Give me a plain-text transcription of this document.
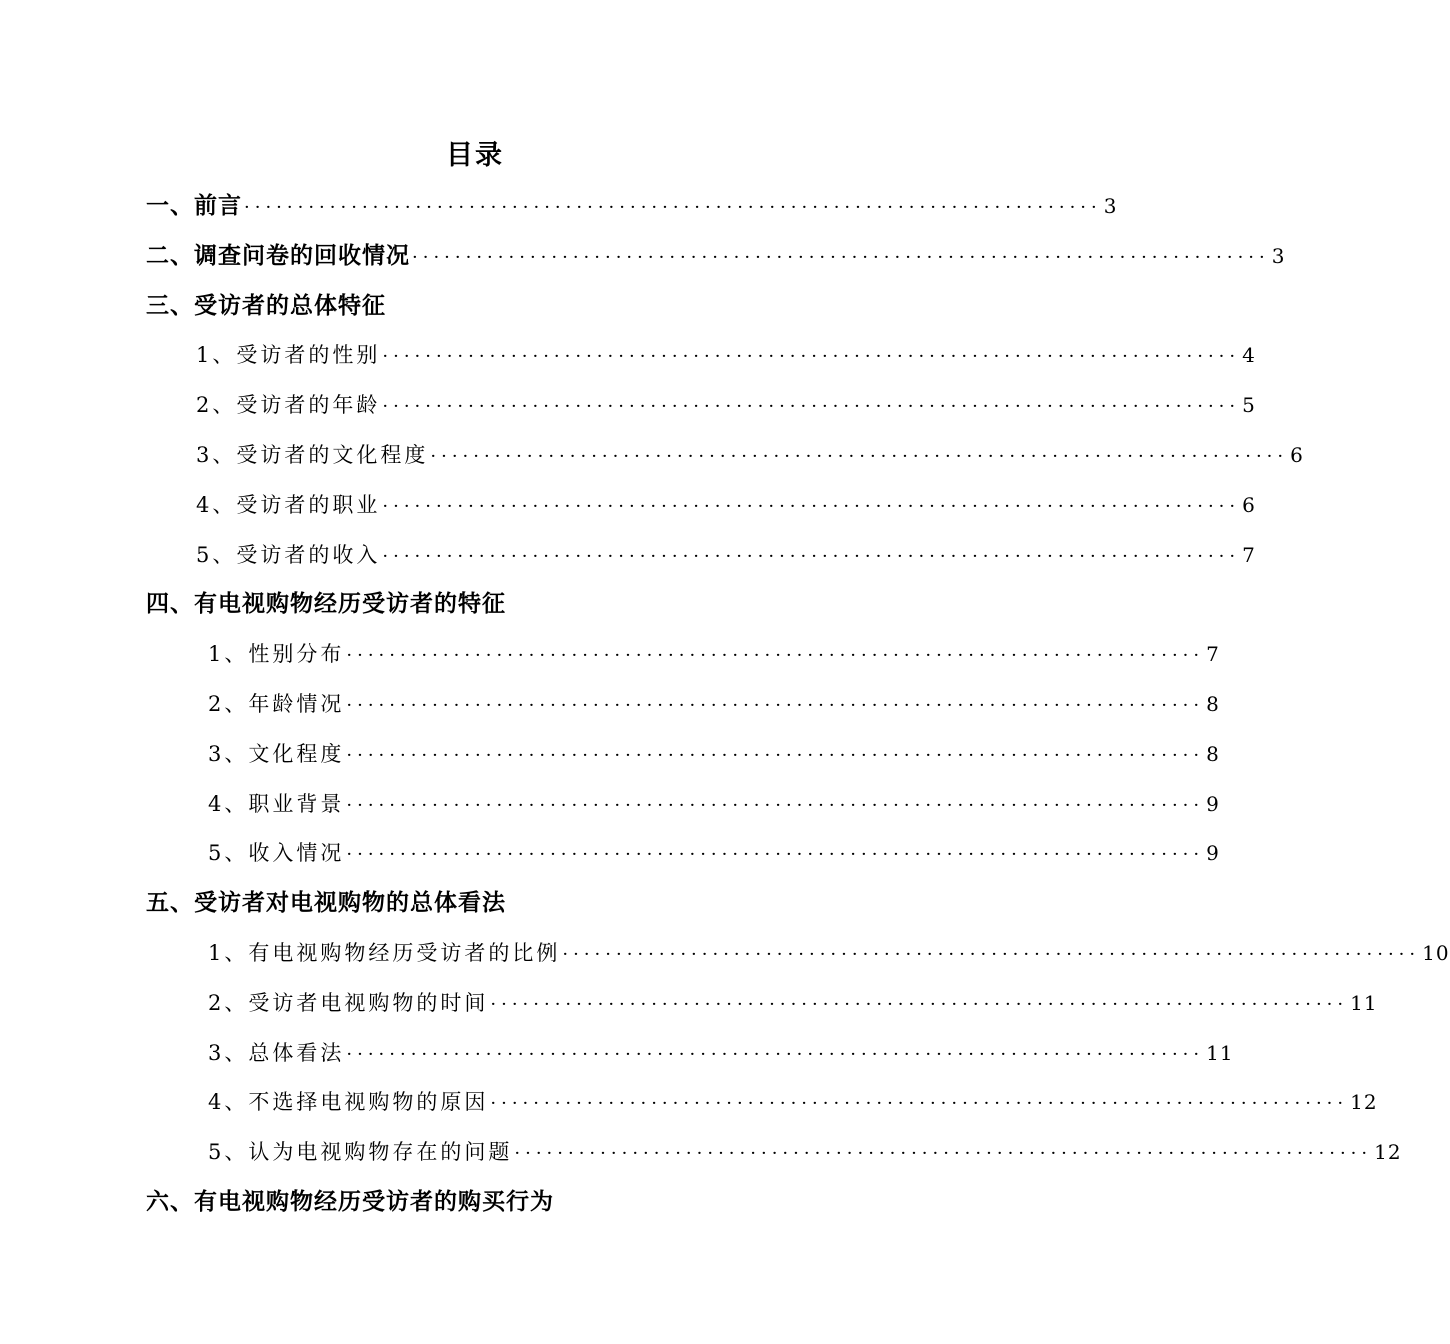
目录
一、前言 ················································································ 3
二、调查问卷的回收情况 ················································································ 3
三、受访者的总体特征
1、受访者的性别 ················································································ 4
2、受访者的年龄 ················································································ 5
3、受访者的文化程度 ················································································ 6
4、受访者的职业 ················································································ 6
5、受访者的收入 ················································································ 7
四、有电视购物经历受访者的特征
1、性别分布 ················································································ 7
2、年龄情况 ················································································ 8
3、文化程度 ················································································ 8
4、职业背景 ················································································ 9
5、收入情况 ················································································ 9
五、受访者对电视购物的总体看法
1、有电视购物经历受访者的比例 ················································································ 10
2、受访者电视购物的时间 ················································································ 11
3、总体看法 ················································································ 11
4、不选择电视购物的原因 ················································································ 12
5、认为电视购物存在的问题 ················································································ 12
六、有电视购物经历受访者的购买行为
